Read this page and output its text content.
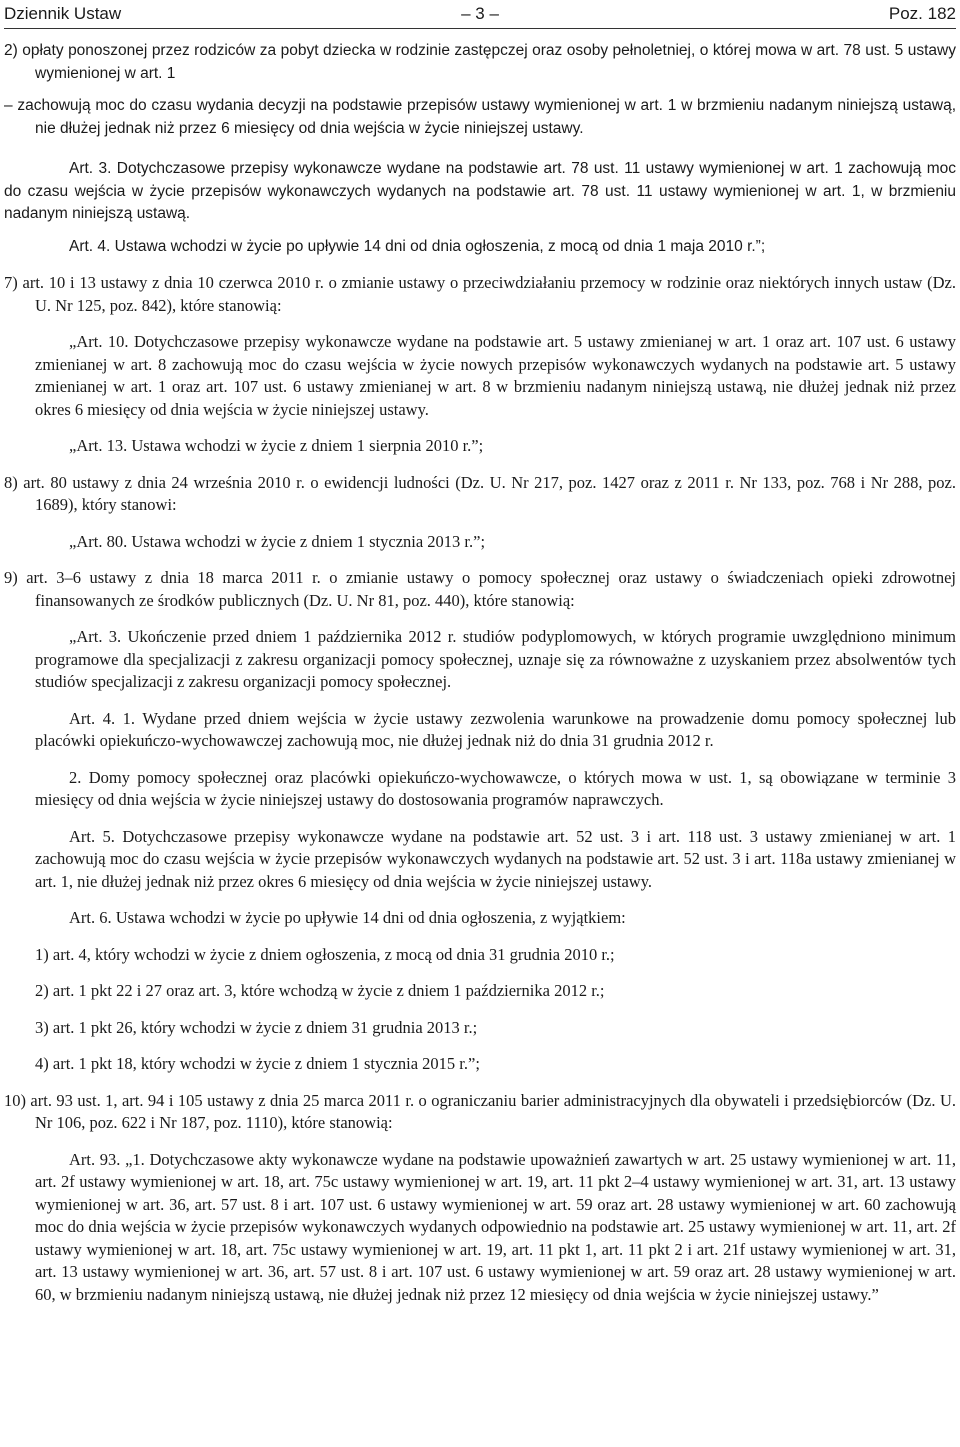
Dziennik Ustaw	– 3 –	Poz. 182

2) opłaty ponoszonej przez rodziców za pobyt dziecka w rodzinie zastępczej oraz osoby pełnoletniej, o której mowa w art. 78 ust. 5 ustawy wymienionej w art. 1

– zachowują moc do czasu wydania decyzji na podstawie przepisów ustawy wymienionej w art. 1 w brzmieniu nadanym niniejszą ustawą, nie dłużej jednak niż przez 6 miesięcy od dnia wejścia w życie niniejszej ustawy.

Art. 3. Dotychczasowe przepisy wykonawcze wydane na podstawie art. 78 ust. 11 ustawy wymienionej w art. 1 zachowują moc do czasu wejścia w życie przepisów wykonawczych wydanych na podstawie art. 78 ust. 11 ustawy wymienionej w art. 1, w brzmieniu nadanym niniejszą ustawą.

Art. 4. Ustawa wchodzi w życie po upływie 14 dni od dnia ogłoszenia, z mocą od dnia 1 maja 2010 r.”;

7) art. 10 i 13 ustawy z dnia 10 czerwca 2010 r. o zmianie ustawy o przeciwdziałaniu przemocy w rodzinie oraz niektórych innych ustaw (Dz. U. Nr 125, poz. 842), które stanowią:

„Art. 10. Dotychczasowe przepisy wykonawcze wydane na podstawie art. 5 ustawy zmienianej w art. 1 oraz art. 107 ust. 6 ustawy zmienianej w art. 8 zachowują moc do czasu wejścia w życie nowych przepisów wykonawczych wydanych na podstawie art. 5 ustawy zmienianej w art. 1 oraz art. 107 ust. 6 ustawy zmienianej w art. 8 w brzmieniu nadanym niniejszą ustawą, nie dłużej jednak niż przez okres 6 miesięcy od dnia wejścia w życie niniejszej ustawy.

„Art. 13. Ustawa wchodzi w życie z dniem 1 sierpnia 2010 r.”;

8) art. 80 ustawy z dnia 24 września 2010 r. o ewidencji ludności (Dz. U. Nr 217, poz. 1427 oraz z 2011 r. Nr 133, poz. 768 i Nr 288, poz. 1689), który stanowi:

„Art. 80. Ustawa wchodzi w życie z dniem 1 stycznia 2013 r.”;

9) art. 3–6 ustawy z dnia 18 marca 2011 r. o zmianie ustawy o pomocy społecznej oraz ustawy o świadczeniach opieki zdrowotnej finansowanych ze środków publicznych (Dz. U. Nr 81, poz. 440), które stanowią:

„Art. 3. Ukończenie przed dniem 1 października 2012 r. studiów podyplomowych, w których programie uwzględniono minimum programowe dla specjalizacji z zakresu organizacji pomocy społecznej, uznaje się za równoważne z uzyskaniem przez absolwentów tych studiów specjalizacji z zakresu organizacji pomocy społecznej.

Art. 4. 1. Wydane przed dniem wejścia w życie ustawy zezwolenia warunkowe na prowadzenie domu pomocy społecznej lub placówki opiekuńczo-wychowawczej zachowują moc, nie dłużej jednak niż do dnia 31 grudnia 2012 r.

2. Domy pomocy społecznej oraz placówki opiekuńczo-wychowawcze, o których mowa w ust. 1, są obowiązane w terminie 3 miesięcy od dnia wejścia w życie niniejszej ustawy do dostosowania programów naprawczych.

Art. 5. Dotychczasowe przepisy wykonawcze wydane na podstawie art. 52 ust. 3 i art. 118 ust. 3 ustawy zmienianej w art. 1 zachowują moc do czasu wejścia w życie przepisów wykonawczych wydanych na podstawie art. 52 ust. 3 i art. 118a ustawy zmienianej w art. 1, nie dłużej jednak niż przez okres 6 miesięcy od dnia wejścia w życie niniejszej ustawy.

Art. 6. Ustawa wchodzi w życie po upływie 14 dni od dnia ogłoszenia, z wyjątkiem:

1) art. 4, który wchodzi w życie z dniem ogłoszenia, z mocą od dnia 31 grudnia 2010 r.;

2) art. 1 pkt 22 i 27 oraz art. 3, które wchodzą w życie z dniem 1 października 2012 r.;

3) art. 1 pkt 26, który wchodzi w życie z dniem 31 grudnia 2013 r.;

4) art. 1 pkt 18, który wchodzi w życie z dniem 1 stycznia 2015 r.”;

10) art. 93 ust. 1, art. 94 i 105 ustawy z dnia 25 marca 2011 r. o ograniczaniu barier administracyjnych dla obywateli i przedsiębiorców (Dz. U. Nr 106, poz. 622 i Nr 187, poz. 1110), które stanowią:

Art. 93. „1. Dotychczasowe akty wykonawcze wydane na podstawie upoważnień zawartych w art. 25 ustawy wymienionej w art. 11, art. 2f ustawy wymienionej w art. 18, art. 75c ustawy wymienionej w art. 19, art. 11 pkt 2–4 ustawy wymienionej w art. 31, art. 13 ustawy wymienionej w art. 36, art. 57 ust. 8 i art. 107 ust. 6 ustawy wymienionej w art. 59 oraz art. 28 ustawy wymienionej w art. 60 zachowują moc do dnia wejścia w życie przepisów wykonawczych wydanych odpowiednio na podstawie art. 25 ustawy wymienionej w art. 11, art. 2f ustawy wymienionej w art. 18, art. 75c ustawy wymienionej w art. 19, art. 11 pkt 1, art. 11 pkt 2 i art. 21f ustawy wymienionej w art. 31, art. 13 ustawy wymienionej w art. 36, art. 57 ust. 8 i art. 107 ust. 6 ustawy wymienionej w art. 59 oraz art. 28 ustawy wymienionej w art. 60, w brzmieniu nadanym niniejszą ustawą, nie dłużej jednak niż przez 12 miesięcy od dnia wejścia w życie niniejszej ustawy.”
